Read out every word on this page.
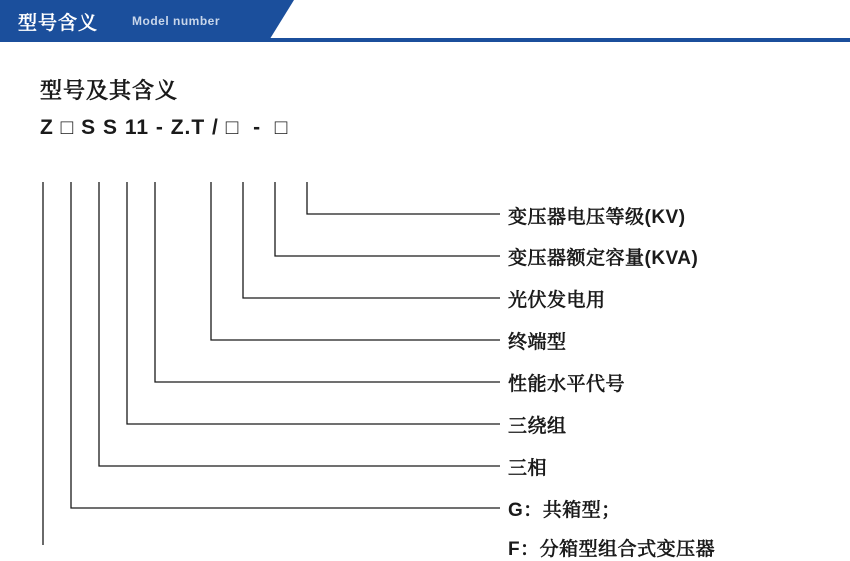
型号含义	Model number
型号及其含义
Z □ S S 11 - Z.T / □  -  □
变压器电压等级(KV)
变压器额定容量(KVA)
光伏发电用
终端型
性能水平代号
三绕组
三相
G：共箱型；
F：分箱型组合式变压器
